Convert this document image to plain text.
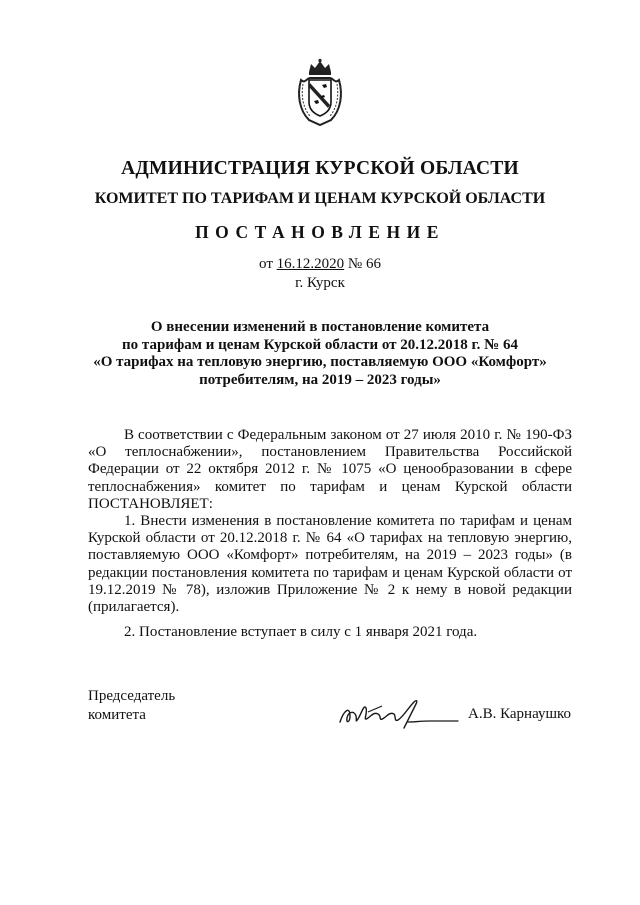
АДМИНИСТРАЦИЯ КУРСКОЙ ОБЛАСТИ
КОМИТЕТ ПО ТАРИФАМ И ЦЕНАМ КУРСКОЙ ОБЛАСТИ
ПОСТАНОВЛЕНИЕ
от 16.12.2020 № 66
г. Курск
О внесении изменений в постановление комитета
по тарифам и ценам Курской области от 20.12.2018 г. № 64
«О тарифах на тепловую энергию, поставляемую ООО «Комфорт»
потребителям, на 2019 – 2023 годы»

В соответствии с Федеральным законом от 27 июля 2010 г. № 190-ФЗ «О теплоснабжении», постановлением Правительства Российской Федерации от 22 октября 2012 г. № 1075 «О ценообразовании в сфере теплоснабжения» комитет по тарифам и ценам Курской области ПОСТАНОВЛЯЕТ:

1. Внести изменения в постановление комитета по тарифам и ценам Курской области от 20.12.2018 г. № 64 «О тарифах на тепловую энергию, поставляемую ООО «Комфорт» потребителям, на 2019 – 2023 годы» (в редакции постановления комитета по тарифам и ценам Курской области от 19.12.2019 № 78), изложив Приложение № 2 к нему в новой редакции (прилагается).

2. Постановление вступает в силу с 1 января 2021 года.

Председатель
комитета	А.В. Карнаушко
